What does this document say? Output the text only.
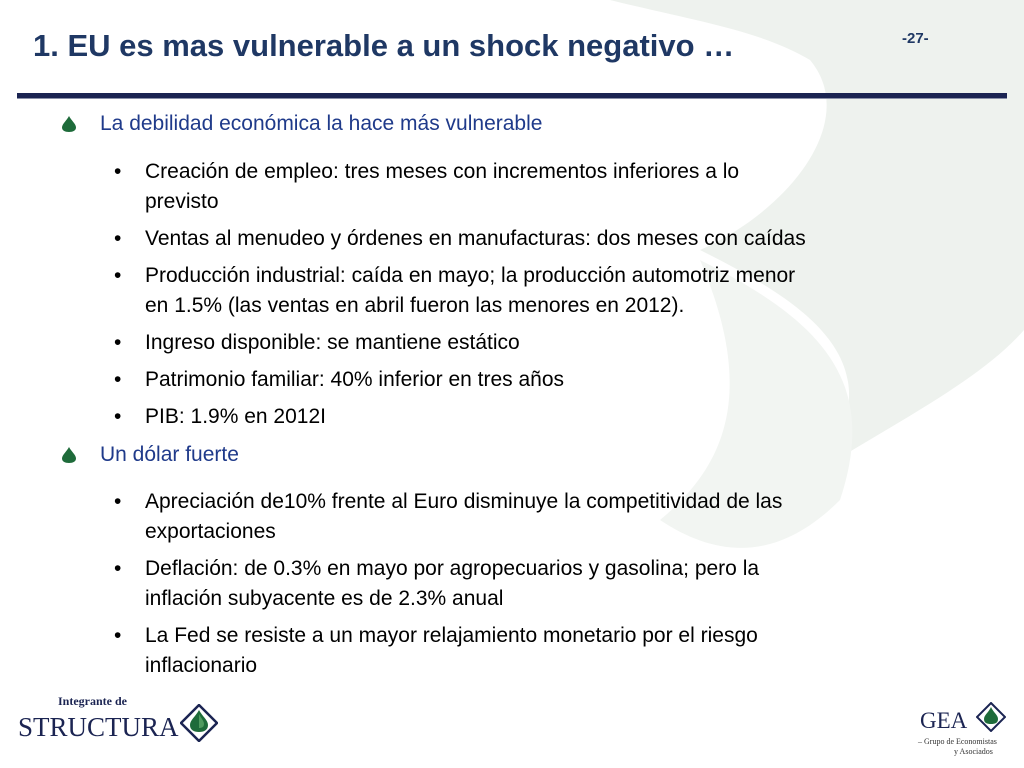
1. EU es mas vulnerable a un shock negativo …	-27-
La debilidad económica la hace más vulnerable
•	Creación de empleo: tres meses con incrementos inferiores a lo
previsto
•	Ventas al menudeo y órdenes en manufacturas: dos meses con caídas
•	Producción industrial: caída en mayo; la producción automotriz menor
en 1.5% (las ventas en abril fueron las menores en 2012).
•	Ingreso disponible: se mantiene estático
•	Patrimonio familiar: 40% inferior en tres años
•	PIB: 1.9% en 2012I
Un dólar fuerte
•	Apreciación de10% frente al Euro disminuye la competitividad de las
exportaciones
•	Deflación: de 0.3% en mayo por agropecuarios y gasolina; pero la
inflación subyacente es de 2.3% anual
•	La Fed se resiste a un mayor relajamiento monetario por el riesgo
inflacionario
Integrante de
STRUCTURA	GEA
– Grupo de Economistas
y Asociados
